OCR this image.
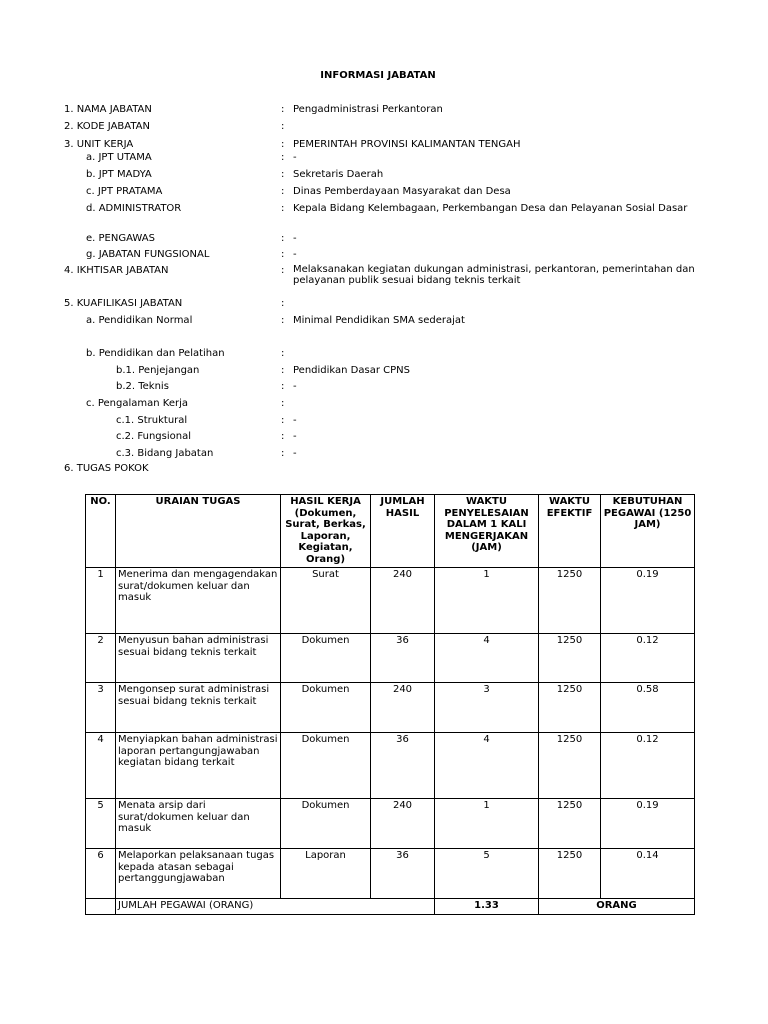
INFORMASI JABATAN
1. NAMA JABATAN	: Pengadministrasi Perkantoran
2. KODE JABATAN	:
3. UNIT KERJA	: PEMERINTAH PROVINSI KALIMANTAN TENGAH
a. JPT UTAMA	: -
b. JPT MADYA	: Sekretaris Daerah
c. JPT PRATAMA	: Dinas Pemberdayaan Masyarakat dan Desa
d. ADMINISTRATOR	: Kepala Bidang Kelembagaan, Perkembangan Desa dan Pelayanan Sosial Dasar
e. PENGAWAS	: -
g. JABATAN FUNGSIONAL	: -
4. IKHTISAR JABATAN	: Melaksanakan kegiatan dukungan administrasi, perkantoran, pemerintahan dan pelayanan publik sesuai bidang teknis terkait
5. KUAFILIKASI JABATAN	:
a. Pendidikan Normal	: Minimal Pendidikan SMA sederajat
b. Pendidikan dan Pelatihan	:
b.1. Penjejangan	: Pendidikan Dasar CPNS
b.2. Teknis	: -
c. Pengalaman Kerja	:
c.1. Struktural	: -
c.2. Fungsional	: -
c.3. Bidang Jabatan	: -
6. TUGAS POKOK
NO.	URAIAN TUGAS	HASIL KERJA (Dokumen, Surat, Berkas, Laporan, Kegiatan, Orang)	JUMLAH HASIL	WAKTU PENYELESAIAN DALAM 1 KALI MENGERJAKAN (JAM)	WAKTU EFEKTIF	KEBUTUHAN PEGAWAI (1250 JAM)
1	Menerima dan mengagendakan surat/dokumen keluar dan masuk	Surat	240	1	1250	0.19
2	Menyusun bahan administrasi sesuai bidang teknis terkait	Dokumen	36	4	1250	0.12
3	Mengonsep surat administrasi sesuai bidang teknis terkait	Dokumen	240	3	1250	0.58
4	Menyiapkan bahan administrasi laporan pertangungjawaban kegiatan bidang terkait	Dokumen	36	4	1250	0.12
5	Menata arsip dari surat/dokumen keluar dan masuk	Dokumen	240	1	1250	0.19
6	Melaporkan pelaksanaan tugas kepada atasan sebagai pertanggungjawaban	Laporan	36	5	1250	0.14
	JUMLAH PEGAWAI (ORANG)			1.33	ORANG	
